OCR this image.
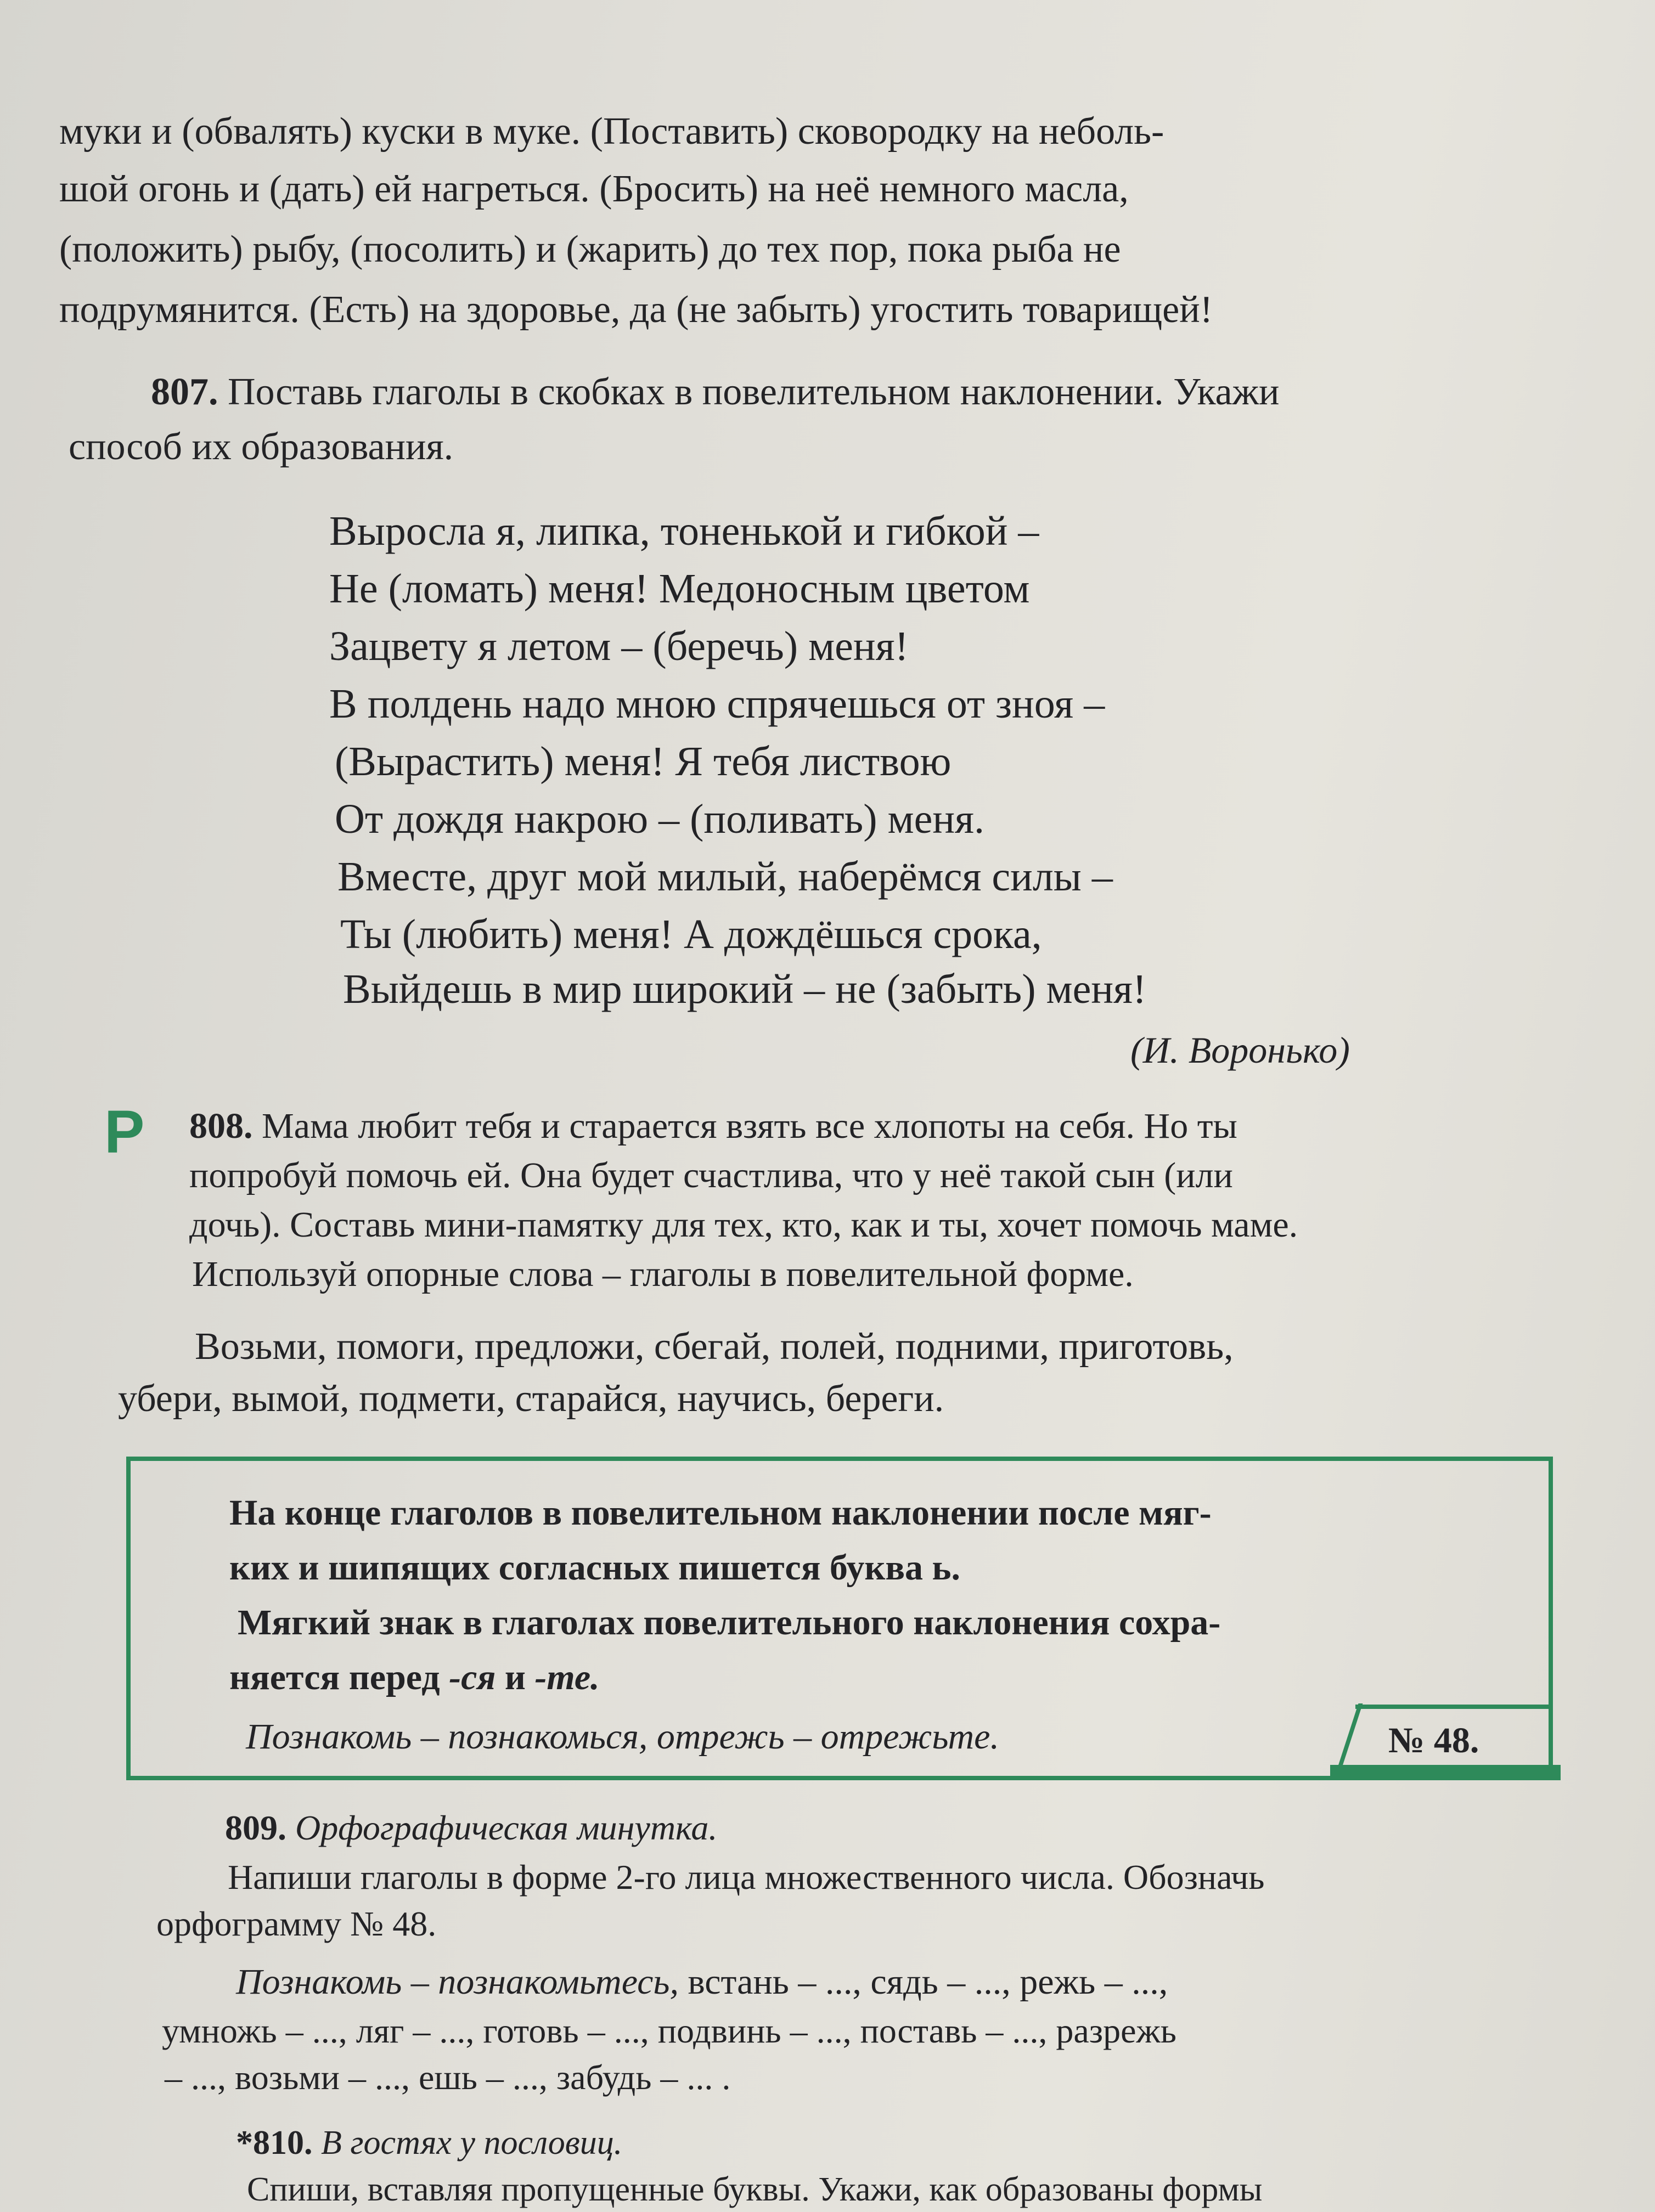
муки и (обвалять) куски в муке. (Поставить) сковородку на неболь-
шой огонь и (дать) ей нагреться. (Бросить) на неё немного масла,
(положить) рыбу, (посолить) и (жарить) до тех пор, пока рыба не
подрумянится. (Есть) на здоровье, да (не забыть) угостить товарищей!
807. Поставь глаголы в скобках в повелительном наклонении. Укажи
способ их образования.
Выросла я, липка, тоненькой и гибкой –
Не (ломать) меня! Медоносным цветом
Зацвету я летом – (беречь) меня!
В полдень надо мною спрячешься от зноя –
(Вырастить) меня! Я тебя листвою
От дождя накрою – (поливать) меня.
Вместе, друг мой милый, наберёмся силы –
Ты (любить) меня! А дождёшься срока,
Выйдешь в мир широкий – не (забыть) меня!
(И. Воронько)
Р 808. Мама любит тебя и старается взять все хлопоты на себя. Но ты
попробуй помочь ей. Она будет счастлива, что у неё такой сын (или
дочь). Составь мини-памятку для тех, кто, как и ты, хочет помочь маме.
Используй опорные слова – глаголы в повелительной форме.
Возьми, помоги, предложи, сбегай, полей, подними, приготовь,
убери, вымой, подмети, старайся, научись, береги.
На конце глаголов в повелительном наклонении после мяг-
ких и шипящих согласных пишется буква ь.
Мягкий знак в глаголах повелительного наклонения сохра-
няется перед -ся и -те.
Познакомь – познакомься, отрежь – отрежьте.	№ 48.
809. Орфографическая минутка.
Напиши глаголы в форме 2-го лица множественного числа. Обозначь
орфограмму № 48.
Познакомь – познакомьтесь, встань – ..., сядь – ..., режь – ...,
умножь – ..., ляг – ..., готовь – ..., подвинь – ..., поставь – ..., разрежь
– ..., возьми – ..., ешь – ..., забудь – ... .
*810. В гостях у пословиц.
Спиши, вставляя пропущенные буквы. Укажи, как образованы формы
